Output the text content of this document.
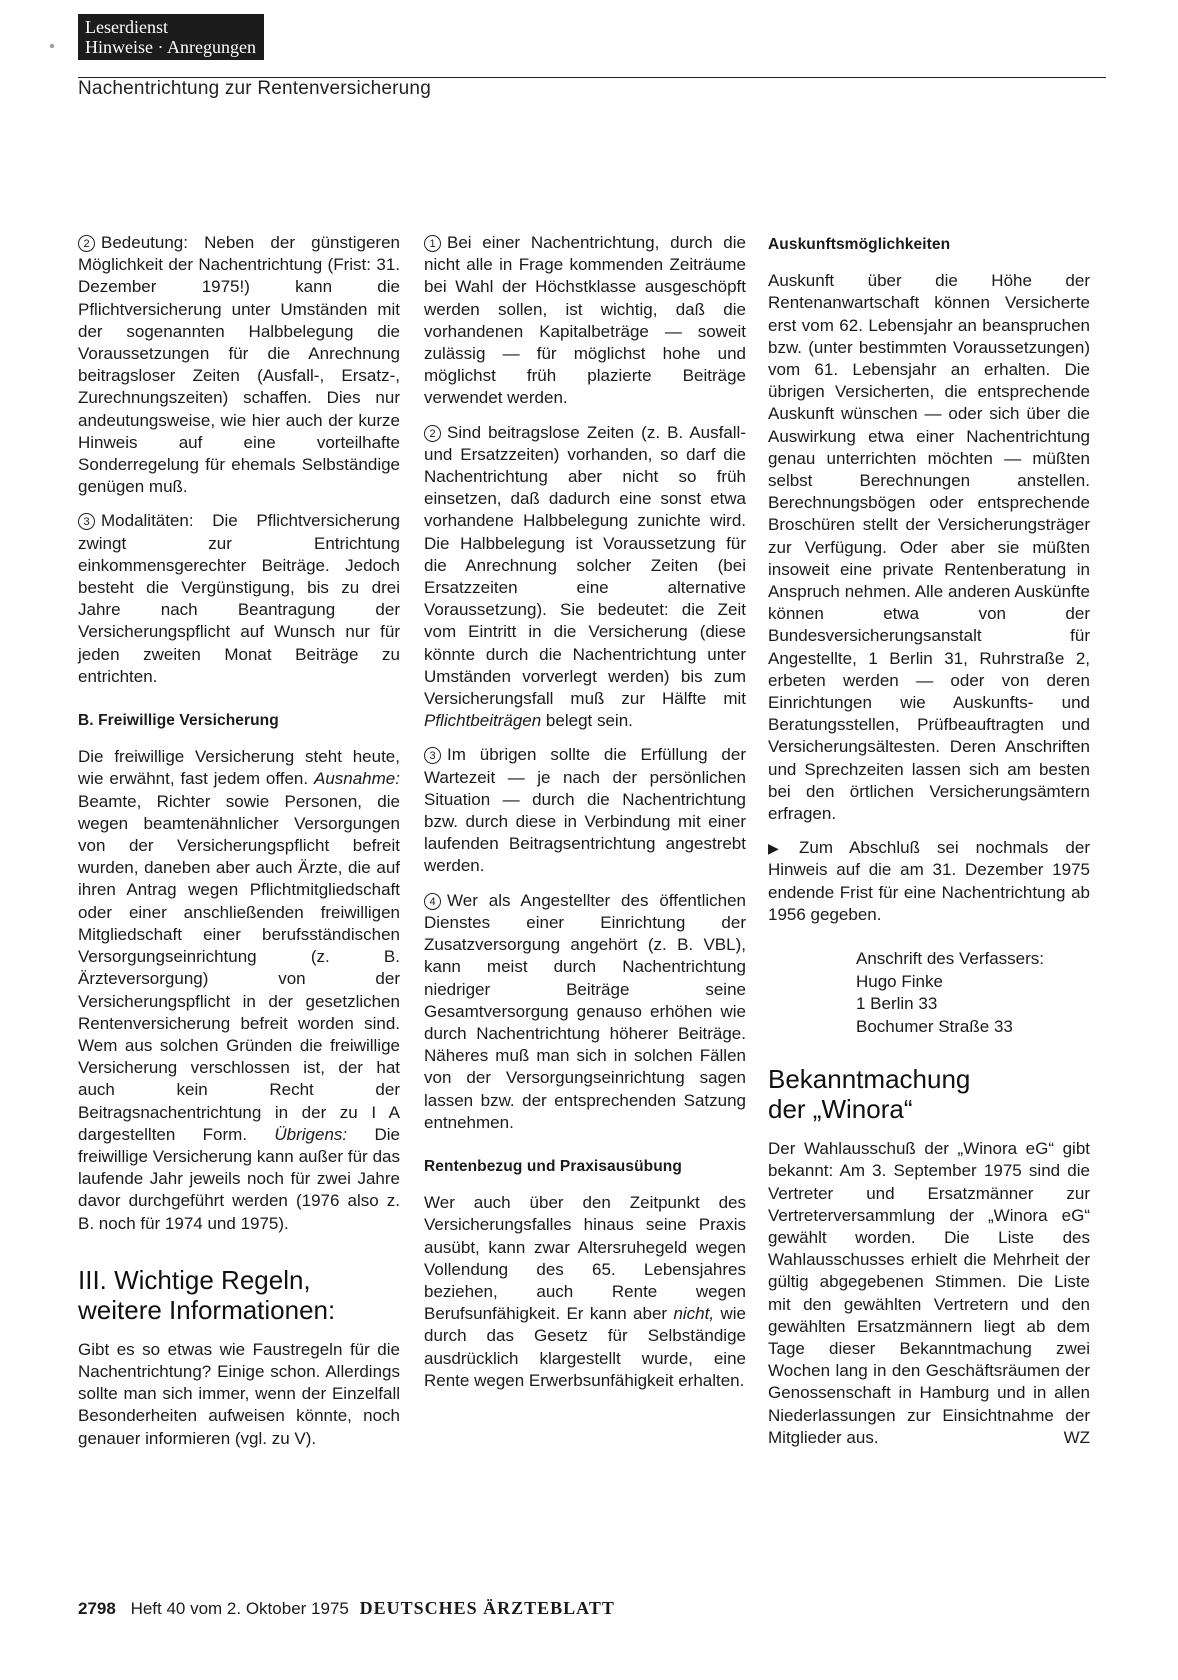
Leserdienst
Hinweise · Anregungen
Nachentrichtung zur Rentenversicherung

2 Bedeutung: Neben der günstigeren Möglichkeit der Nachentrichtung (Frist: 31. Dezember 1975!) kann die Pflichtversicherung unter Umständen mit der sogenannten Halbbelegung die Voraussetzungen für die Anrechnung beitragsloser Zeiten (Ausfall-, Ersatz-, Zurechnungszeiten) schaffen. Dies nur andeutungsweise, wie hier auch der kurze Hinweis auf eine vorteilhafte Sonderregelung für ehemals Selbständige genügen muß.

3 Modalitäten: Die Pflichtversicherung zwingt zur Entrichtung einkommensgerechter Beiträge. Jedoch besteht die Vergünstigung, bis zu drei Jahre nach Beantragung der Versicherungspflicht auf Wunsch nur für jeden zweiten Monat Beiträge zu entrichten.

B. Freiwillige Versicherung

Die freiwillige Versicherung steht heute, wie erwähnt, fast jedem offen. Ausnahme: Beamte, Richter sowie Personen, die wegen beamtenähnlicher Versorgungen von der Versicherungspflicht befreit wurden, daneben aber auch Ärzte, die auf ihren Antrag wegen Pflichtmitgliedschaft oder einer anschließenden freiwilligen Mitgliedschaft einer berufsständischen Versorgungseinrichtung (z. B. Ärzteversorgung) von der Versicherungspflicht in der gesetzlichen Rentenversicherung befreit worden sind. Wem aus solchen Gründen die freiwillige Versicherung verschlossen ist, der hat auch kein Recht der Beitragsnachentrichtung in der zu I A dargestellten Form. Übrigens: Die freiwillige Versicherung kann außer für das laufende Jahr jeweils noch für zwei Jahre davor durchgeführt werden (1976 also z. B. noch für 1974 und 1975).

III. Wichtige Regeln,
weitere Informationen:

Gibt es so etwas wie Faustregeln für die Nachentrichtung? Einige schon. Allerdings sollte man sich immer, wenn der Einzelfall Besonderheiten aufweisen könnte, noch genauer informieren (vgl. zu V).

1 Bei einer Nachentrichtung, durch die nicht alle in Frage kommenden Zeiträume bei Wahl der Höchstklasse ausgeschöpft werden sollen, ist wichtig, daß die vorhandenen Kapitalbeträge — soweit zulässig — für möglichst hohe und möglichst früh plazierte Beiträge verwendet werden.

2 Sind beitragslose Zeiten (z. B. Ausfall- und Ersatzzeiten) vorhanden, so darf die Nachentrichtung aber nicht so früh einsetzen, daß dadurch eine sonst etwa vorhandene Halbbelegung zunichte wird. Die Halbbelegung ist Voraussetzung für die Anrechnung solcher Zeiten (bei Ersatzzeiten eine alternative Voraussetzung). Sie bedeutet: die Zeit vom Eintritt in die Versicherung (diese könnte durch die Nachentrichtung unter Umständen vorverlegt werden) bis zum Versicherungsfall muß zur Hälfte mit Pflichtbeiträgen belegt sein.

3 Im übrigen sollte die Erfüllung der Wartezeit — je nach der persönlichen Situation — durch die Nachentrichtung bzw. durch diese in Verbindung mit einer laufenden Beitragsentrichtung angestrebt werden.

4 Wer als Angestellter des öffentlichen Dienstes einer Einrichtung der Zusatzversorgung angehört (z. B. VBL), kann meist durch Nachentrichtung niedriger Beiträge seine Gesamtversorgung genauso erhöhen wie durch Nachentrichtung höherer Beiträge. Näheres muß man sich in solchen Fällen von der Versorgungseinrichtung sagen lassen bzw. der entsprechenden Satzung entnehmen.

Rentenbezug und Praxisausübung

Wer auch über den Zeitpunkt des Versicherungsfalles hinaus seine Praxis ausübt, kann zwar Altersruhegeld wegen Vollendung des 65. Lebensjahres beziehen, auch Rente wegen Berufsunfähigkeit. Er kann aber nicht, wie durch das Gesetz für Selbständige ausdrücklich klargestellt wurde, eine Rente wegen Erwerbsunfähigkeit erhalten.

Auskunftsmöglichkeiten

Auskunft über die Höhe der Rentenanwartschaft können Versicherte erst vom 62. Lebensjahr an beanspruchen bzw. (unter bestimmten Voraussetzungen) vom 61. Lebensjahr an erhalten. Die übrigen Versicherten, die entsprechende Auskunft wünschen — oder sich über die Auswirkung etwa einer Nachentrichtung genau unterrichten möchten — müßten selbst Berechnungen anstellen. Berechnungsbögen oder entsprechende Broschüren stellt der Versicherungsträger zur Verfügung. Oder aber sie müßten insoweit eine private Rentenberatung in Anspruch nehmen. Alle anderen Auskünfte können etwa von der Bundesversicherungsanstalt für Angestellte, 1 Berlin 31, Ruhrstraße 2, erbeten werden — oder von deren Einrichtungen wie Auskunfts- und Beratungsstellen, Prüfbeauftragten und Versicherungsältesten. Deren Anschriften und Sprechzeiten lassen sich am besten bei den örtlichen Versicherungsämtern erfragen.

▶ Zum Abschluß sei nochmals der Hinweis auf die am 31. Dezember 1975 endende Frist für eine Nachentrichtung ab 1956 gegeben.

Anschrift des Verfassers:
Hugo Finke
1 Berlin 33
Bochumer Straße 33
Bekanntmachung
der „Winora“

Der Wahlausschuß der „Winora eG“ gibt bekannt: Am 3. September 1975 sind die Vertreter und Ersatzmänner zur Vertreterversammlung der „Winora eG“ gewählt worden. Die Liste des Wahlausschusses erhielt die Mehrheit der gültig abgegebenen Stimmen. Die Liste mit den gewählten Vertretern und den gewählten Ersatzmännern liegt ab dem Tage dieser Bekanntmachung zwei Wochen lang in den Geschäftsräumen der Genossenschaft in Hamburg und in allen Niederlassungen zur Einsichtnahme der Mitglieder aus.	WZ

2798 Heft 40 vom 2. Oktober 1975 DEUTSCHES ÄRZTEBLATT
